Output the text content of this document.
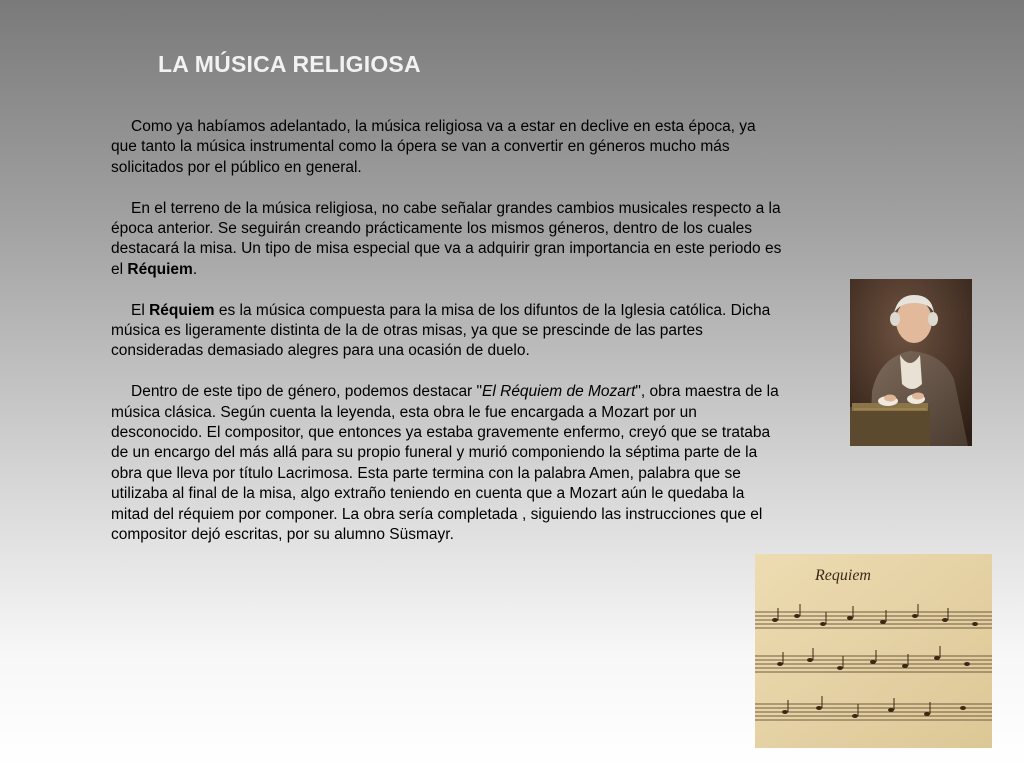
LA MÚSICA RELIGIOSA

Como ya habíamos adelantado, la música religiosa va a estar en declive en esta época, ya que tanto la música instrumental como la ópera se van a convertir en géneros mucho más solicitados por el público en general.

En el terreno de la música religiosa, no cabe señalar grandes cambios musicales respecto a la época anterior. Se seguirán creando prácticamente los mismos géneros, dentro de los cuales destacará la misa. Un tipo de misa especial que va a adquirir gran importancia en este periodo es el Réquiem.

El Réquiem es la música compuesta para la misa de los difuntos de la Iglesia católica. Dicha música es ligeramente distinta de la de otras misas, ya que se prescinde de las partes consideradas demasiado alegres para una ocasión de duelo.

Dentro de este tipo de género, podemos destacar "El Réquiem de Mozart", obra maestra de la música clásica. Según cuenta la leyenda, esta obra le fue encargada a Mozart por un desconocido. El compositor, que entonces ya estaba gravemente enfermo, creyó que se trataba de un encargo del más allá para su propio funeral y murió componiendo la séptima parte de la obra que lleva por título Lacrimosa. Esta parte termina con la palabra Amen, palabra que se utilizaba al final de la misa, algo extraño teniendo en cuenta que a Mozart aún le quedaba la mitad del réquiem por componer. La obra sería completada , siguiendo las instrucciones que el compositor dejó escritas, por su alumno Süsmayr.

Requiem
